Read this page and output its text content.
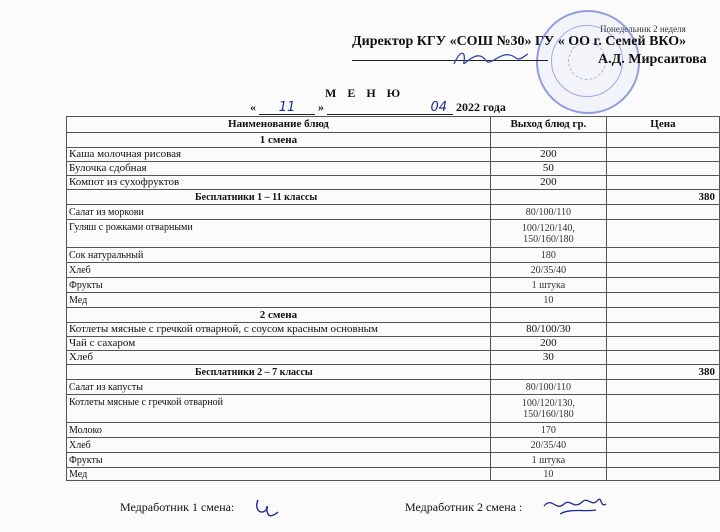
Понедельник 2 неделя
Директор КГУ «СОШ №30» ГУ « ОО г. Семей ВКО»
А.Д. Мирсаитова
М Е Н Ю
« 11 »	04 2022 года
Наименование блюд	Выход блюд гр.	Цена
1 смена		
Каша молочная рисовая	200	
Булочка сдобная	50	
Компот из сухофруктов	200	
Бесплатники 1 – 11 классы		380
Салат из моркови	80/100/110	
Гуляш с рожками отварными	100/120/140,
150/160/180	

Сок натуральный	180	
Хлеб	20/35/40	
Фрукты	1 штука	
Мед	10	
2 смена		
Котлеты мясные с гречкой отварной, с соусом красным основным	80/100/30	
Чай с сахаром	200	
Хлеб	30	
Бесплатники 2 – 7 классы		380
Салат из капусты	80/100/110	
Котлеты мясные с гречкой отварной	100/120/130,
150/160/180	

Молоко	170	
Хлеб	20/35/40	
Фрукты	1 штука	
Мед	10	
Медработник 1 смена:	Медработник 2 смена :
